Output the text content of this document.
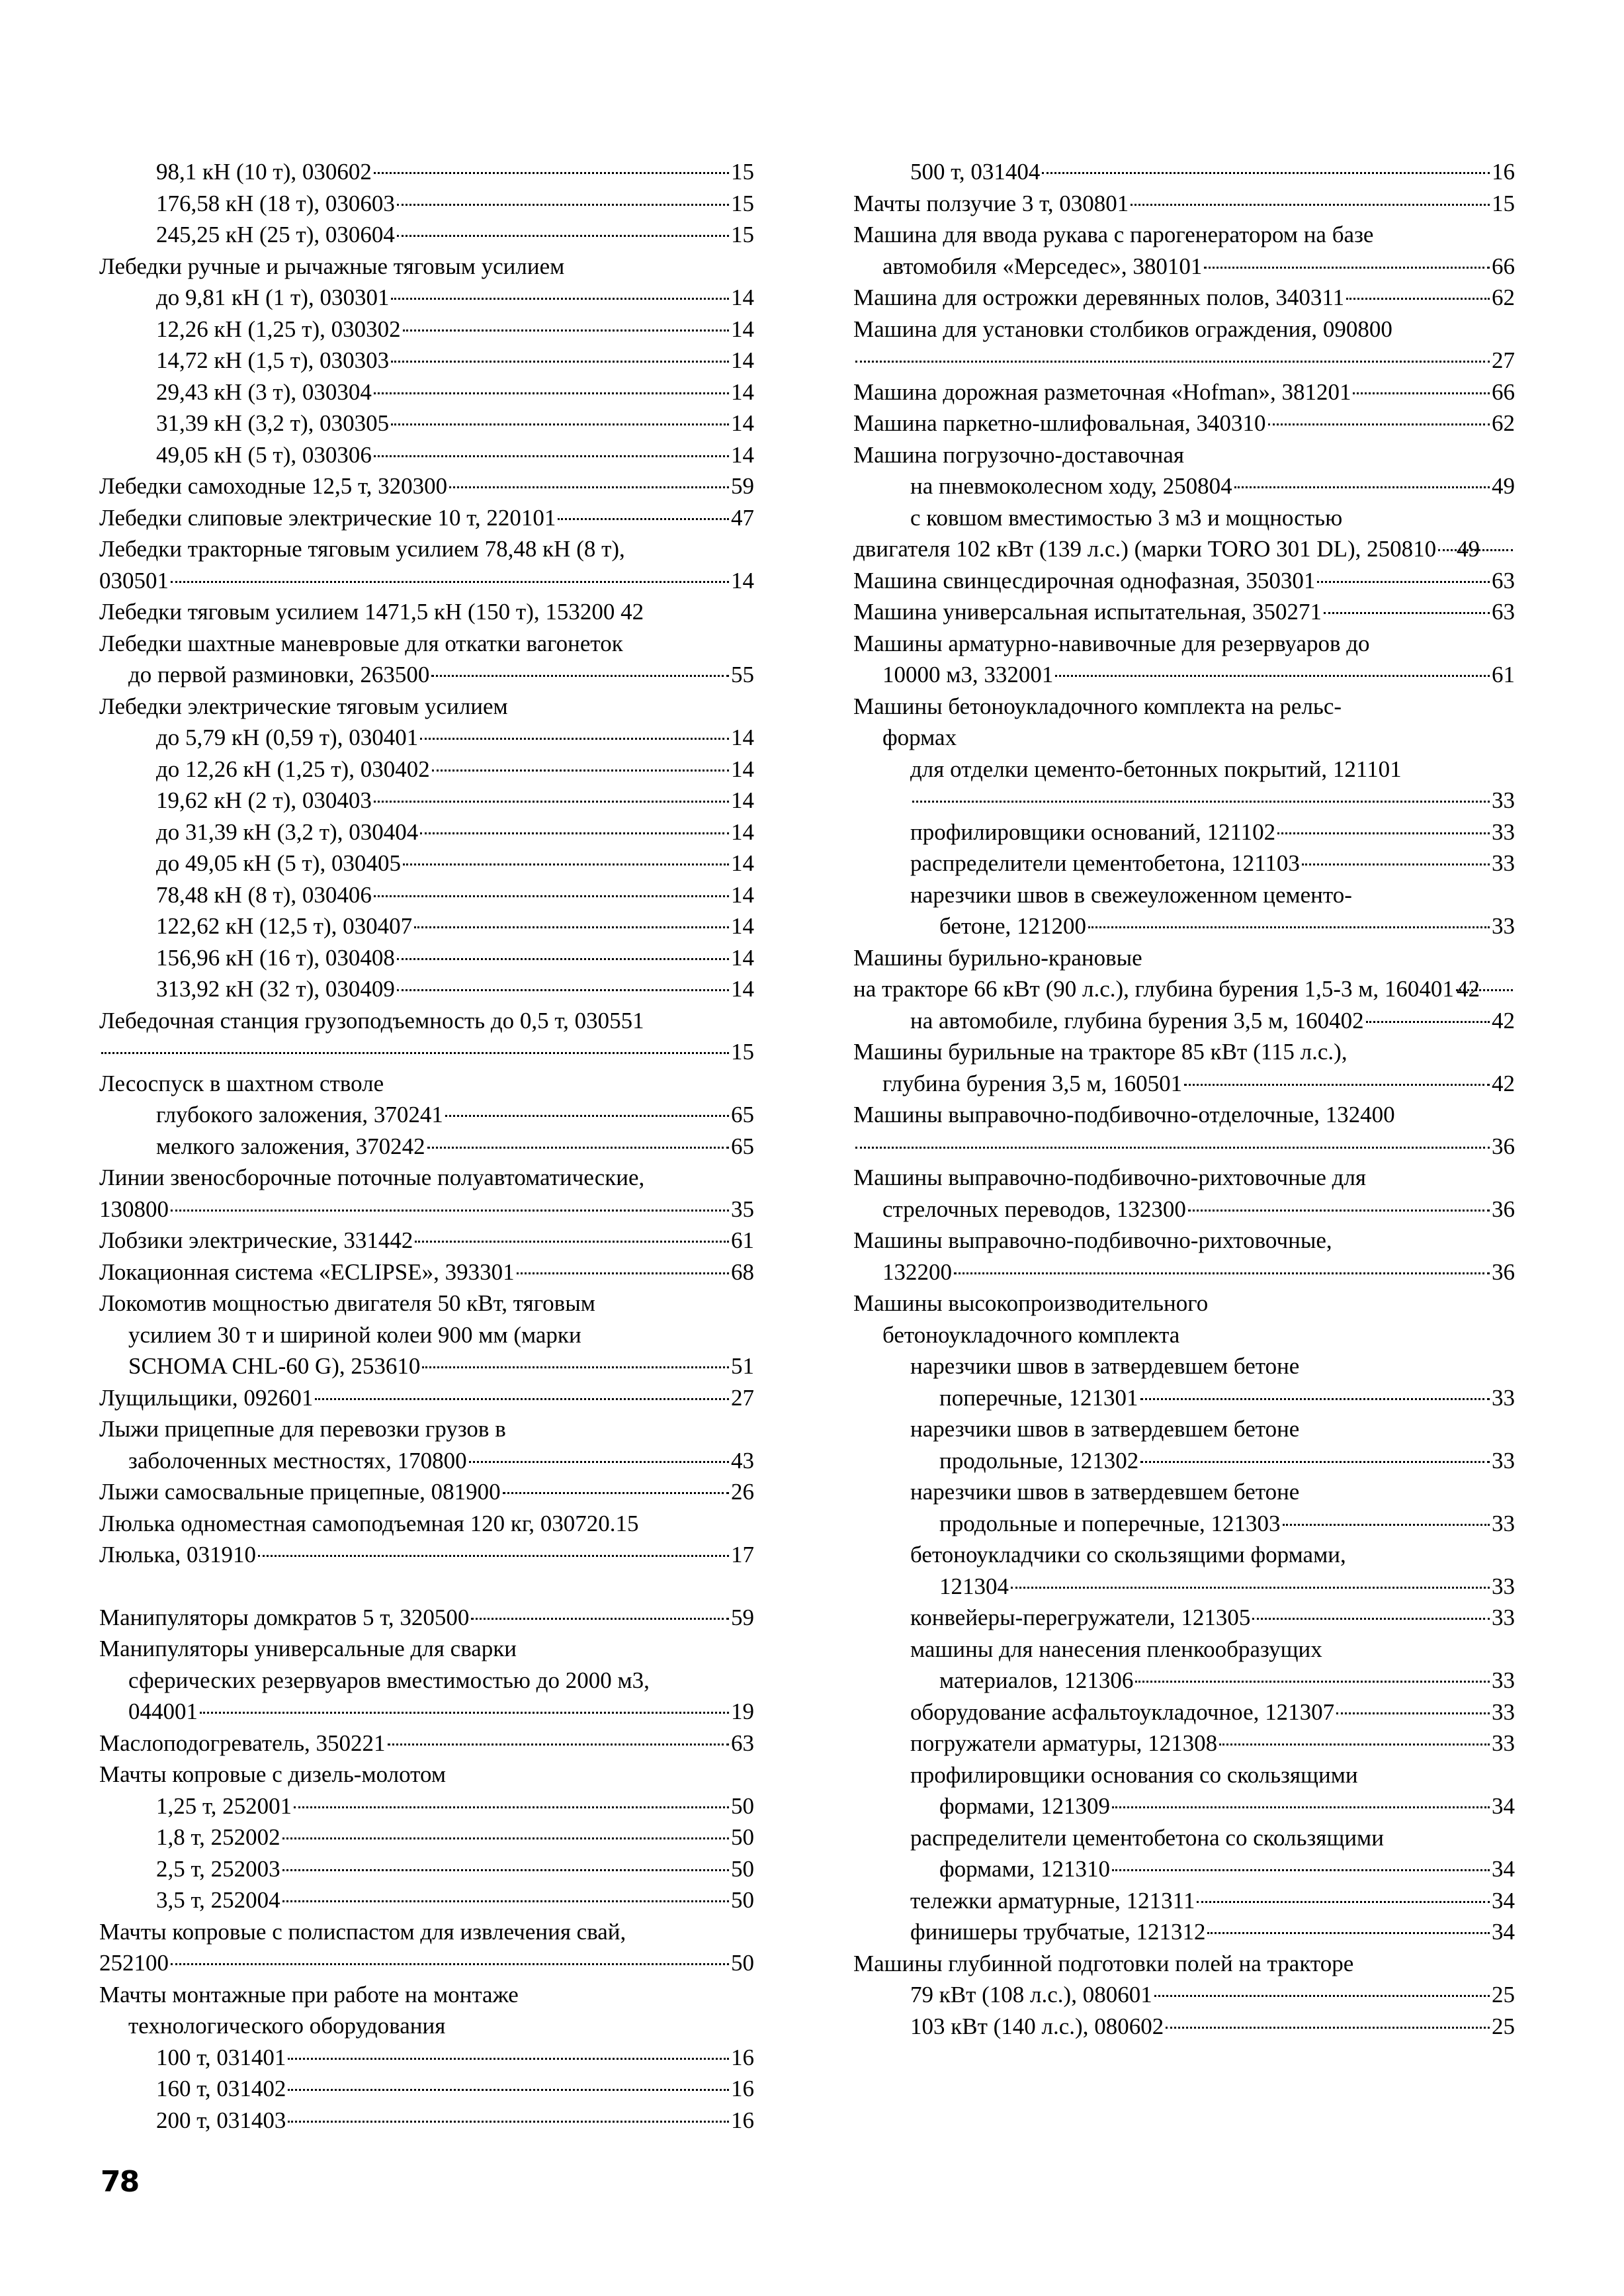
98,1 кН (10 т), 030602	15
176,58 кН (18 т), 030603	15
245,25 кН (25 т), 030604	15
Лебедки ручные и рычажные тяговым усилием
до 9,81 кН (1 т), 030301	14
12,26 кН (1,25 т), 030302	14
14,72 кН (1,5 т), 030303	14
29,43 кН (3 т), 030304	14
31,39 кН (3,2 т), 030305	14
49,05 кН (5 т), 030306	14
Лебедки самоходные 12,5 т, 320300	59
Лебедки слиповые электрические 10 т, 220101	47
Лебедки тракторные тяговым усилием 78,48 кН (8 т),
030501	14
Лебедки тяговым усилием 1471,5 кН (150 т), 153200 42
Лебедки шахтные маневровые для откатки вагонеток
до первой разминовки, 263500	55
Лебедки электрические тяговым усилием
до 5,79 кН (0,59 т), 030401	14
до 12,26 кН (1,25 т), 030402	14
19,62 кН (2 т), 030403	14
до 31,39 кН (3,2 т), 030404	14
до 49,05 кН (5 т), 030405	14
78,48 кН (8 т), 030406	14
122,62 кН (12,5 т), 030407	14
156,96 кН (16 т), 030408	14
313,92 кН (32 т), 030409	14
Лебедочная станция грузоподъемность до 0,5 т, 030551
15
Лесоспуск в шахтном стволе
глубокого заложения, 370241	65
мелкого заложения, 370242	65
Линии звеносборочные поточные полуавтоматические,
130800	35
Лобзики электрические, 331442	61
Локационная система «ECLIPSE», 393301	68
Локомотив мощностью двигателя 50 кВт, тяговым
усилием 30 т и шириной колеи 900 мм (марки
SCHOMA CHL-60 G), 253610	51
Лущильщики, 092601	27
Лыжи прицепные для перевозки грузов в
заболоченных местностях, 170800	43
Лыжи самосвальные прицепные, 081900	26
Люлька одноместная самоподъемная 120 кг, 030720.15
Люлька, 031910	17
Манипуляторы домкратов 5 т, 320500	59
Манипуляторы универсальные для сварки
сферических резервуаров вместимостью до 2000 м3,
044001	19
Маслоподогреватель, 350221	63
Мачты копровые с дизель-молотом
1,25 т, 252001	50
1,8 т, 252002	50
2,5 т, 252003	50
3,5 т, 252004	50
Мачты копровые с полиспастом для извлечения свай,
252100	50
Мачты монтажные при работе на монтаже
технологического оборудования
100 т, 031401	16
160 т, 031402	16
200 т, 031403	16
500 т, 031404	16
Мачты ползучие 3 т, 030801	15
Машина для ввода рукава с парогенератором на базе
автомобиля «Мерседес», 380101	66
Машина для острожки деревянных полов, 340311	62
Машина для установки столбиков ограждения, 090800
27
Машина дорожная разметочная «Hofman», 381201	66
Машина паркетно-шлифовальная, 340310	62
Машина погрузочно-доставочная
на пневмоколесном ходу, 250804	49
с ковшом вместимостью 3 м3 и мощностью
двигателя 102 кВт (139 л.с.) (марки TORO 301 DL), 250810 49
Машина свинцесдирочная однофазная, 350301	63
Машина универсальная испытательная, 350271	63
Машины арматурно-навивочные для резервуаров до
10000 м3, 332001	61
Машины бетоноукладочного комплекта на рельс-
формах
для отделки цементо-бетонных покрытий, 121101
33
профилировщики оснований, 121102	33
распределители цементобетона, 121103	33
нарезчики швов в свежеуложенном цементо-
бетоне, 121200	33
Машины бурильно-крановые
на тракторе 66 кВт (90 л.с.), глубина бурения 1,5-3 м, 160401 42
на автомобиле, глубина бурения 3,5 м, 160402	42
Машины бурильные на тракторе 85 кВт (115 л.с.),
глубина бурения 3,5 м, 160501	42
Машины выправочно-подбивочно-отделочные, 132400
36
Машины выправочно-подбивочно-рихтовочные для
стрелочных переводов, 132300	36
Машины выправочно-подбивочно-рихтовочные,
132200	36
Машины высокопроизводительного
бетоноукладочного комплекта
нарезчики швов в затвердевшем бетоне
поперечные, 121301	33
нарезчики швов в затвердевшем бетоне
продольные, 121302	33
нарезчики швов в затвердевшем бетоне
продольные и поперечные, 121303	33
бетоноукладчики со скользящими формами,
121304	33
конвейеры-перегружатели, 121305	33
машины для нанесения пленкообразущих
материалов, 121306	33
оборудование асфальтоукладочное, 121307	33
погружатели арматуры, 121308	33
профилировщики основания со скользящими
формами, 121309	34
распределители цементобетона со скользящими
формами, 121310	34
тележки арматурные, 121311	34
финишеры трубчатые, 121312	34
Машины глубинной подготовки полей на тракторе
79 кВт (108 л.с.), 080601	25
103 кВт (140 л.с.), 080602	25
78
